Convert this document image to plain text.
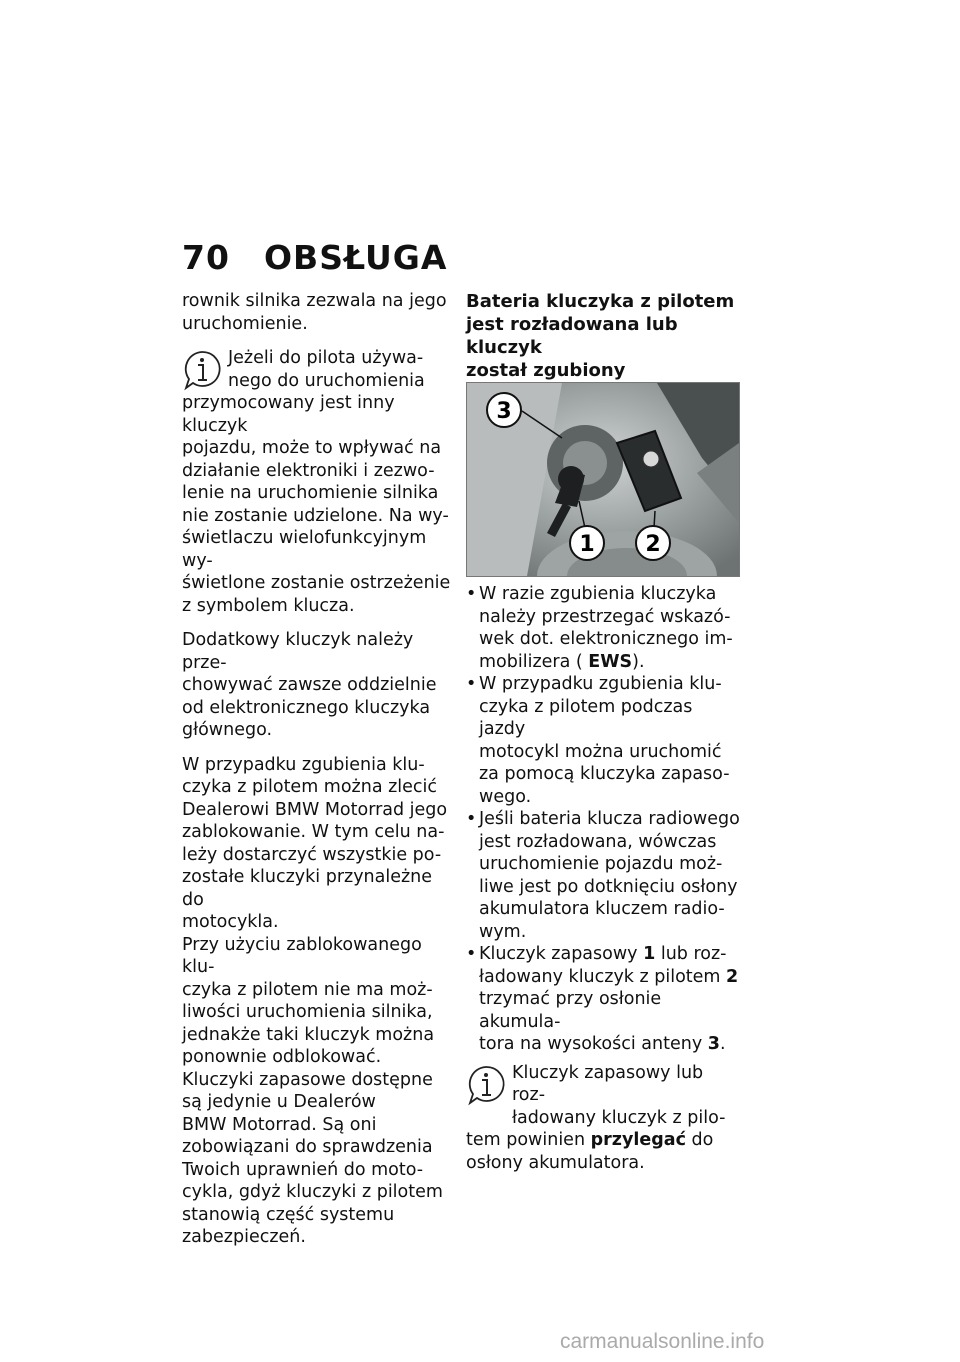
70 OBSŁUGA

rownik silnika zezwala na jego
uruchomienie.

Jeżeli do pilota używa-
nego do uruchomienia

przymocowany jest inny kluczyk
pojazdu, może to wpływać na
działanie elektroniki i zezwo-
lenie na uruchomienie silnika
nie zostanie udzielone. Na wy-
świetlaczu wielofunkcyjnym wy-
świetlone zostanie ostrzeżenie
z symbolem klucza.

Dodatkowy kluczyk należy prze-
chowywać zawsze oddzielnie
od elektronicznego kluczyka
głównego.

W przypadku zgubienia klu-
czyka z pilotem można zlecić
Dealerowi BMW Motorrad jego
zablokowanie. W tym celu na-
leży dostarczyć wszystkie po-
zostałe kluczyki przynależne do
motocykla.

Przy użyciu zablokowanego klu-
czyka z pilotem nie ma moż-
liwości uruchomienia silnika,
jednakże taki kluczyk można
ponownie odblokować.

Kluczyki zapasowe dostępne
są jedynie u Dealerów
BMW Motorrad. Są oni
zobowiązani do sprawdzenia
Twoich uprawnień do moto-
cykla, gdyż kluczyki z pilotem
stanowią część systemu
zabezpieczeń.

Bateria kluczyka z pilotem
jest rozładowana lub kluczyk
został zgubiony

3
1 2
• W razie zgubienia kluczyka
należy przestrzegać wskazó-
wek dot. elektronicznego im-
mobilizera ( EWS).
• W przypadku zgubienia klu-
czyka z pilotem podczas jazdy
motocykl można uruchomić
za pomocą kluczyka zapaso-
wego.
• Jeśli bateria klucza radiowego
jest rozładowana, wówczas
uruchomienie pojazdu moż-
liwe jest po dotknięciu osłony
akumulatora kluczem radio-
wym.
• Kluczyk zapasowy 1 lub roz-
ładowany kluczyk z pilotem 2
trzymać przy osłonie akumula-
tora na wysokości anteny 3.

Kluczyk zapasowy lub roz-
ładowany kluczyk z pilo-

tem powinien przylegać do
osłony akumulatora.

carmanualsonline.info
